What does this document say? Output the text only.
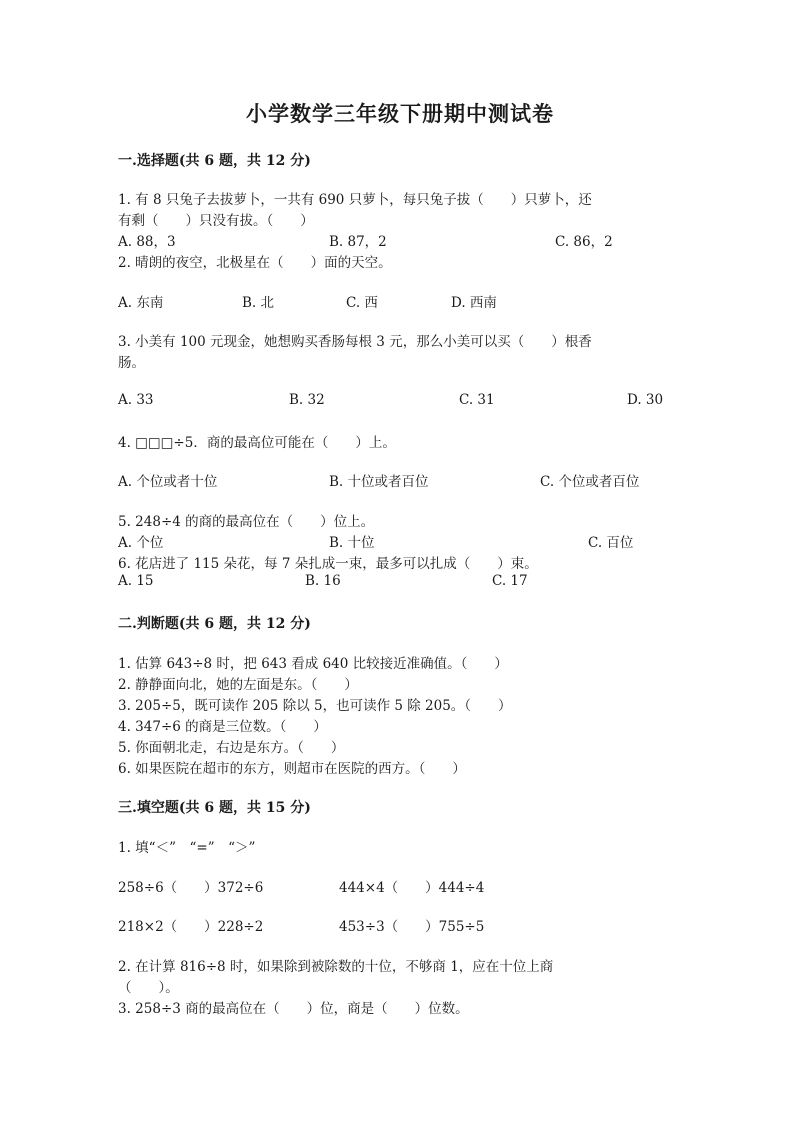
小学数学三年级下册期中测试卷
一.选择题(共 6 题，共 12 分)
1. 有 8 只兔子去拔萝卜，一共有 690 只萝卜，每只兔子拔（　　）只萝卜，还
有剩（　　）只没有拔。（　　）
A. 88，3	B. 87，2	C. 86，2
2. 晴朗的夜空，北极星在（　　）面的天空。
A. 东南	B. 北	C. 西	D. 西南
3. 小美有 100 元现金，她想购买香肠每根 3 元，那么小美可以买（　　）根香
肠。
A. 33	B. 32	C. 31	D. 30
4. □□□÷5．商的最高位可能在（　　）上。
A. 个位或者十位	B. 十位或者百位	C. 个位或者百位
5. 248÷4 的商的最高位在（　　）位上。
A. 个位	B. 十位	C. 百位
6. 花店进了 115 朵花，每 7 朵扎成一束，最多可以扎成（　　）束。
A. 15	B. 16	C. 17
二.判断题(共 6 题，共 12 分)
1. 估算 643÷8 时，把 643 看成 640 比较接近准确值。（　　）
2. 静静面向北，她的左面是东。（　　）
3. 205÷5，既可读作 205 除以 5，也可读作 5 除 205。（　　）
4. 347÷6 的商是三位数。（　　）
5. 你面朝北走，右边是东方。（　　）
6. 如果医院在超市的东方，则超市在医院的西方。（　　）
三.填空题(共 6 题，共 15 分)
1. 填“＜”　“=”　“＞”
258÷6（　　）372÷6	444×4（　　）444÷4
218×2（　　）228÷2	453÷3（　　）755÷5
2. 在计算 816÷8 时，如果除到被除数的十位，不够商 1，应在十位上商
（　　）。
3. 258÷3 商的最高位在（　　）位，商是（　　）位数。
